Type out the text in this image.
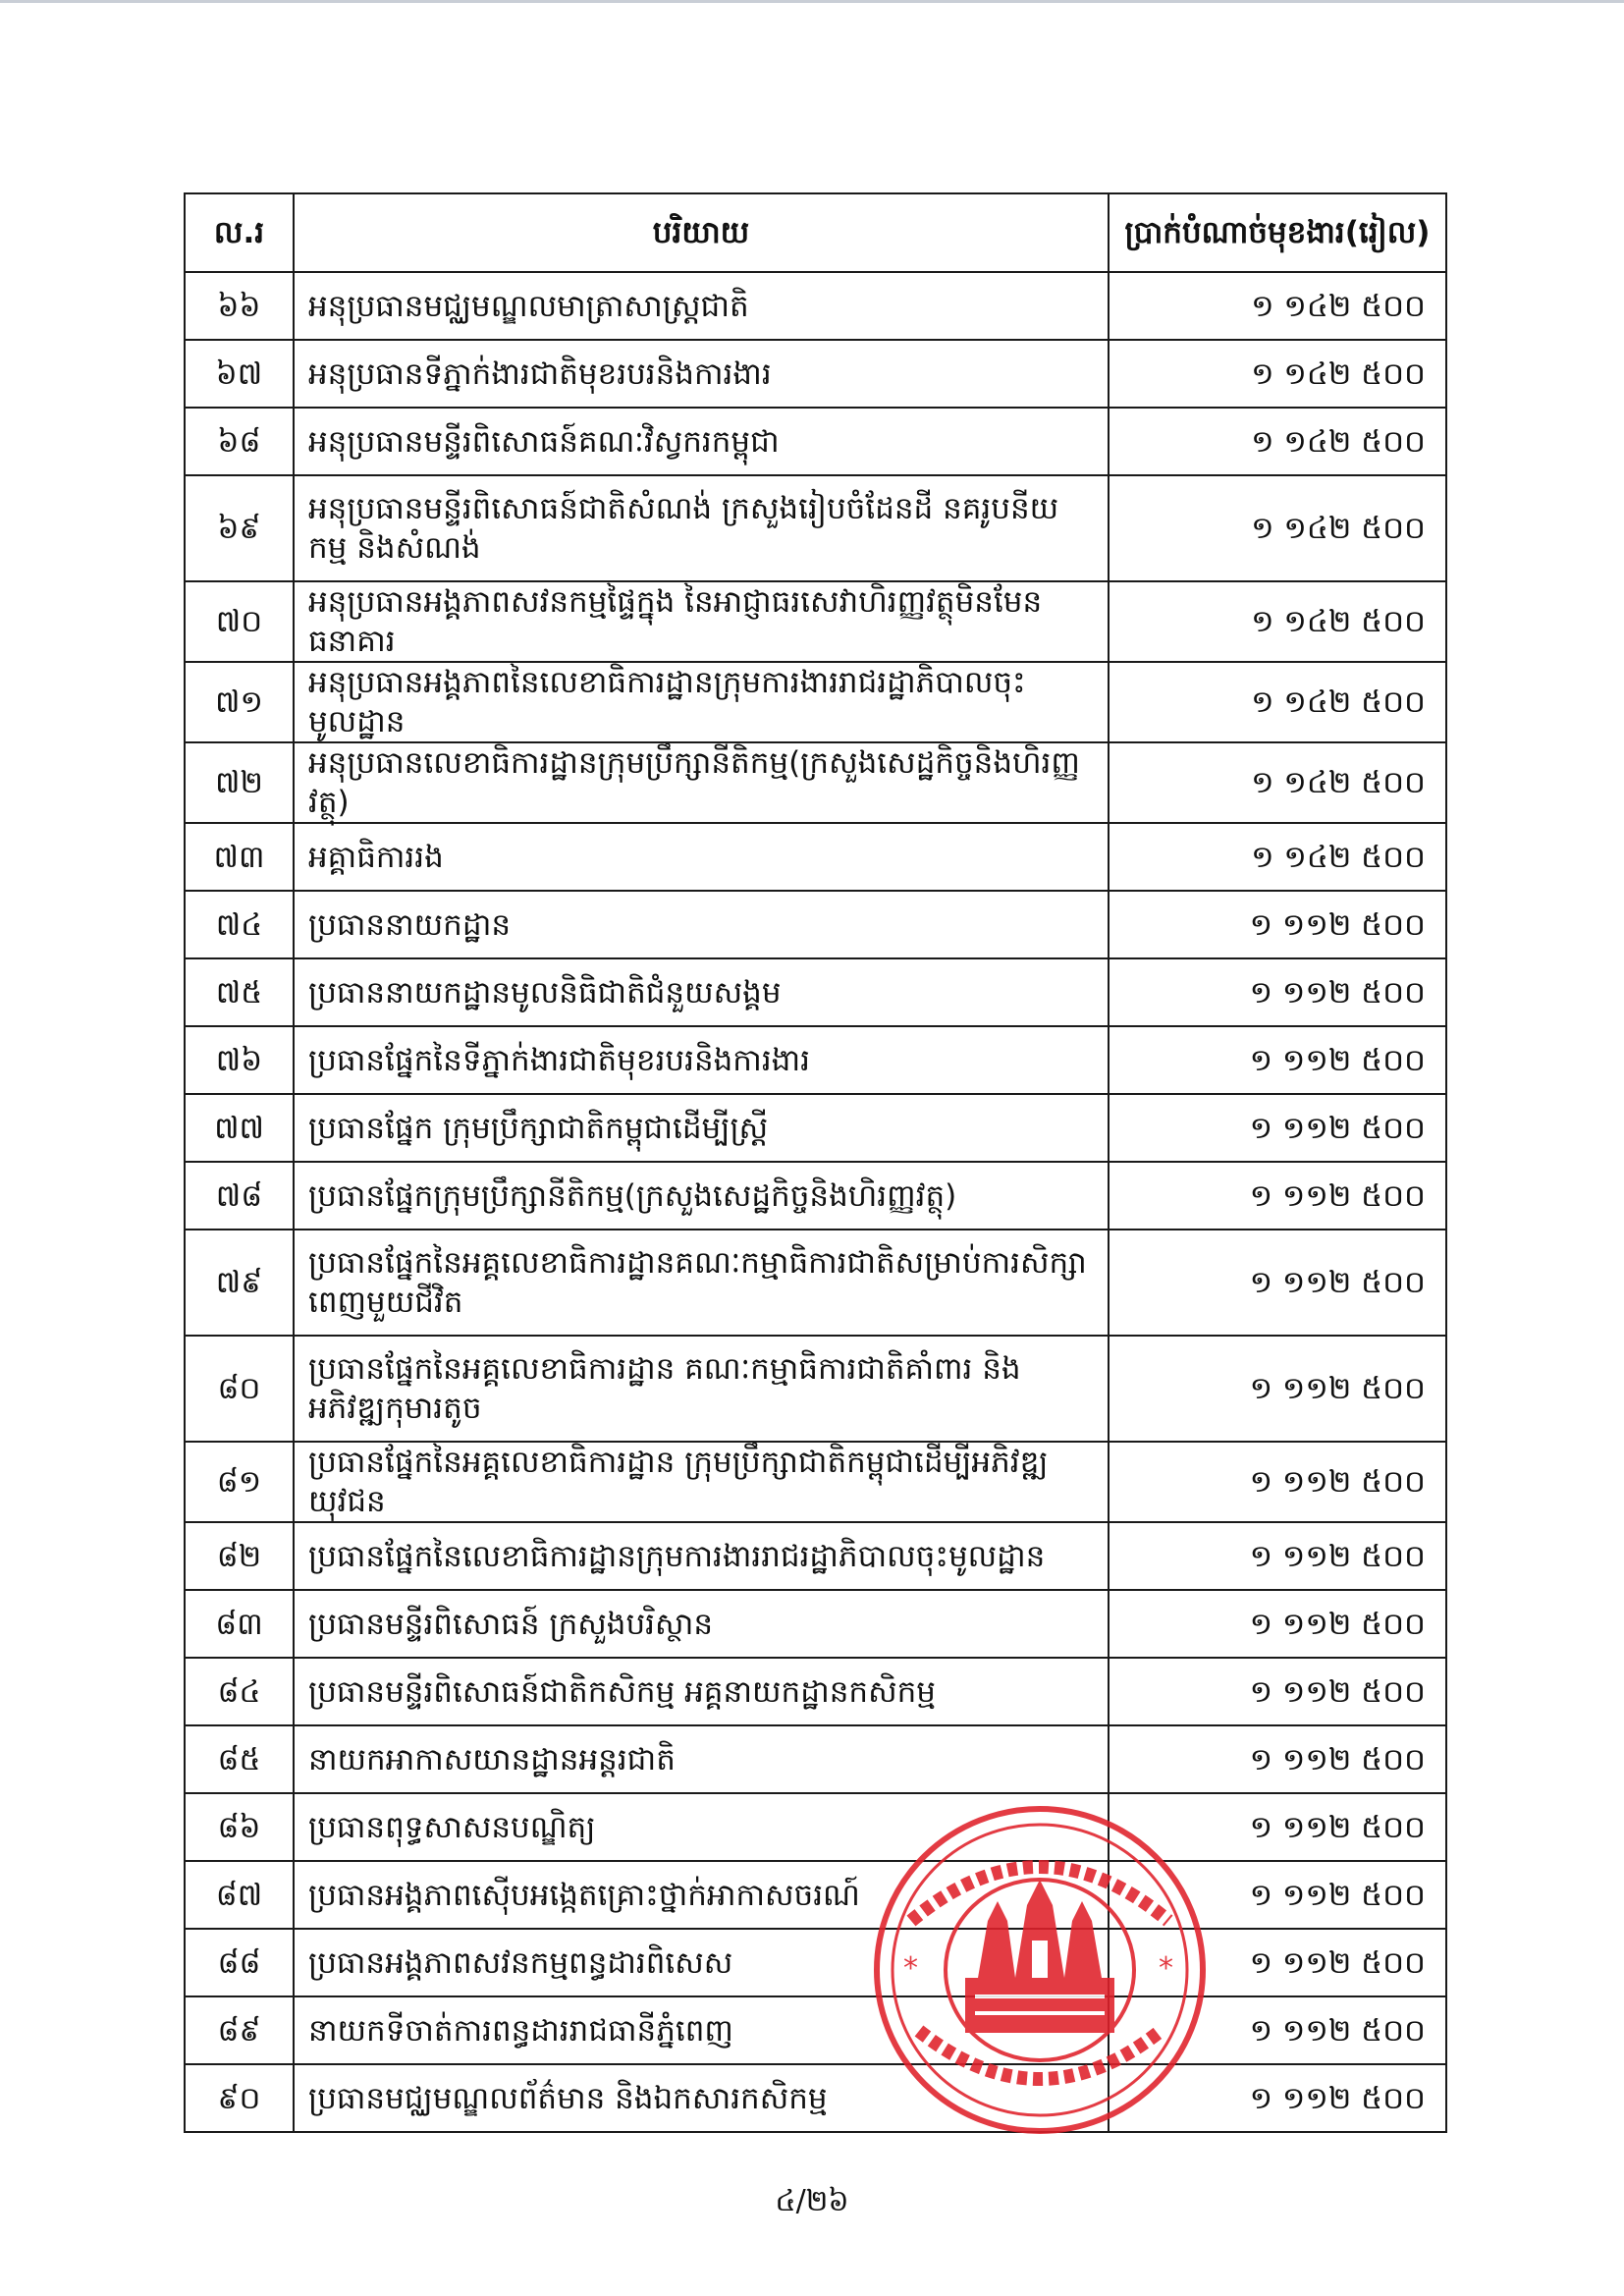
ល.រ	បរិយាយ	ប្រាក់បំណាច់មុខងារ(រៀល)
៦៦	អនុប្រធានមជ្ឈមណ្ឌលមាត្រាសាស្ត្រជាតិ	១ ១៤២ ៥០០
៦៧	អនុប្រធានទីភ្នាក់ងារជាតិមុខរបរនិងការងារ	១ ១៤២ ៥០០
៦៨	អនុប្រធានមន្ទីរពិសោធន៍គណៈវិស្វករកម្ពុជា	១ ១៤២ ៥០០
៦៩	អនុប្រធានមន្ទីរពិសោធន៍ជាតិសំណង់ ក្រសួងរៀបចំដែនដី នគរូបនីយកម្ម និងសំណង់	១ ១៤២ ៥០០
៧០	អនុប្រធានអង្គភាពសវនកម្មផ្ទៃក្នុង នៃអាជ្ញាធរសេវាហិរញ្ញវត្ថុមិនមែនធនាគារ	១ ១៤២ ៥០០
៧១	អនុប្រធានអង្គភាពនៃលេខាធិការដ្ឋានក្រុមការងាររាជរដ្ឋាភិបាលចុះមូលដ្ឋាន	១ ១៤២ ៥០០
៧២	អនុប្រធានលេខាធិការដ្ឋានក្រុមប្រឹក្សានីតិកម្ម(ក្រសួងសេដ្ឋកិច្ចនិងហិរញ្ញវត្ថុ)	១ ១៤២ ៥០០
៧៣	អគ្គាធិការរង	១ ១៤២ ៥០០
៧៤	ប្រធាននាយកដ្ឋាន	១ ១១២ ៥០០
៧៥	ប្រធាននាយកដ្ឋានមូលនិធិជាតិជំនួយសង្គម	១ ១១២ ៥០០
៧៦	ប្រធានផ្នែកនៃទីភ្នាក់ងារជាតិមុខរបរនិងការងារ	១ ១១២ ៥០០
៧៧	ប្រធានផ្នែក ក្រុមប្រឹក្សាជាតិកម្ពុជាដើម្បីស្ត្រី	១ ១១២ ៥០០
៧៨	ប្រធានផ្នែកក្រុមប្រឹក្សានីតិកម្ម(ក្រសួងសេដ្ឋកិច្ចនិងហិរញ្ញវត្ថុ)	១ ១១២ ៥០០
៧៩	ប្រធានផ្នែកនៃអគ្គលេខាធិការដ្ឋានគណៈកម្មាធិការជាតិសម្រាប់ការសិក្សាពេញមួយជីវិត	១ ១១២ ៥០០
៨០	ប្រធានផ្នែកនៃអគ្គលេខាធិការដ្ឋាន គណៈកម្មាធិការជាតិគាំពារ និងអភិវឌ្ឍកុមារតូច	១ ១១២ ៥០០
៨១	ប្រធានផ្នែកនៃអគ្គលេខាធិការដ្ឋាន ក្រុមប្រឹក្សាជាតិកម្ពុជាដើម្បីអភិវឌ្ឍយុវជន	១ ១១២ ៥០០
៨២	ប្រធានផ្នែកនៃលេខាធិការដ្ឋានក្រុមការងាររាជរដ្ឋាភិបាលចុះមូលដ្ឋាន	១ ១១២ ៥០០
៨៣	ប្រធានមន្ទីរពិសោធន៍ ក្រសួងបរិស្ថាន	១ ១១២ ៥០០
៨៤	ប្រធានមន្ទីរពិសោធន៍ជាតិកសិកម្ម អគ្គនាយកដ្ឋានកសិកម្ម	១ ១១២ ៥០០
៨៥	នាយកអាកាសយានដ្ឋានអន្តរជាតិ	១ ១១២ ៥០០
៨៦	ប្រធានពុទ្ធសាសនបណ្ឌិត្យ	១ ១១២ ៥០០
៨៧	ប្រធានអង្គភាពស៊ើបអង្កេតគ្រោះថ្នាក់អាកាសចរណ៍	១ ១១២ ៥០០
៨៨	ប្រធានអង្គភាពសវនកម្មពន្ធដារពិសេស	១ ១១២ ៥០០
៨៩	នាយកទីចាត់ការពន្ធដាររាជធានីភ្នំពេញ	១ ១១២ ៥០០
៩០	ប្រធានមជ្ឈមណ្ឌលព័ត៌មាន និងឯកសារកសិកម្ម	១ ១១២ ៥០០
៤/២៦
*	*
